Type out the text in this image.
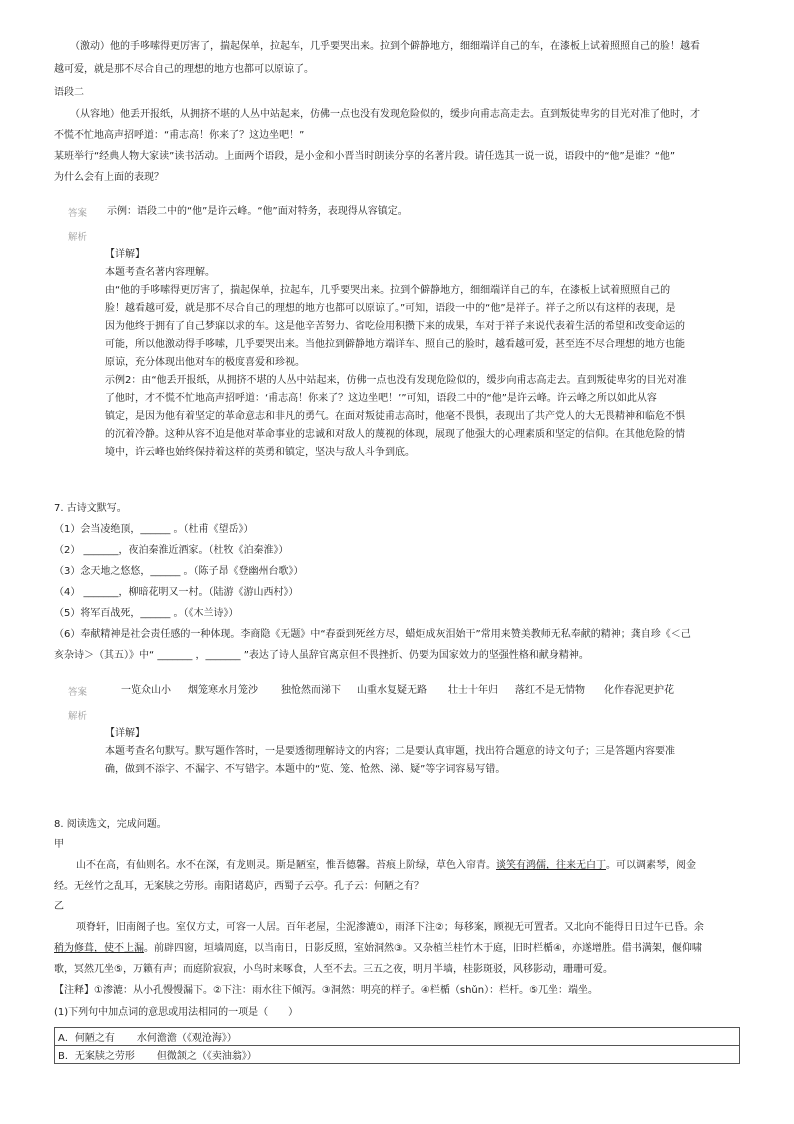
（激动）他的手哆嗦得更厉害了，揣起保单，拉起车，几乎要哭出来。拉到个僻静地方，细细端详自己的车，在漆板上试着照照自己的脸！越看
越可爱，就是那不尽合自己的理想的地方也都可以原谅了。
语段二
（从容地）他丢开报纸，从拥挤不堪的人丛中站起来，仿佛一点也没有发现危险似的，缓步向甫志高走去。直到叛徒卑劣的目光对准了他时，才
不慌不忙地高声招呼道：“甫志高！你来了？这边坐吧！”
某班举行“经典人物大家读”读书活动。上面两个语段，是小金和小晋当时朗读分享的名著片段。请任选其一说一说，语段中的“他”是谁？“他”
为什么会有上面的表现？
答案 示例：语段二中的“他”是许云峰。“他”面对特务，表现得从容镇定。
解析
【详解】
本题考查名著内容理解。
由“他的手哆嗦得更厉害了，揣起保单，拉起车，几乎要哭出来。拉到个僻静地方，细细端详自己的车，在漆板上试着照照自己的
脸！越看越可爱，就是那不尽合自己的理想的地方也都可以原谅了。”可知，语段一中的“他”是祥子。祥子之所以有这样的表现，是
因为他终于拥有了自己梦寐以求的车。这是他辛苦努力、省吃俭用积攒下来的成果，车对于祥子来说代表着生活的希望和改变命运的
可能，所以他激动得手哆嗦，几乎要哭出来。当他拉到僻静地方端详车、照自己的脸时，越看越可爱，甚至连不尽合理想的地方也能
原谅，充分体现出他对车的极度喜爱和珍视。
示例2：由“他丢开报纸，从拥挤不堪的人丛中站起来，仿佛一点也没有发现危险似的，缓步向甫志高走去。直到叛徒卑劣的目光对准
了他时，才不慌不忙地高声招呼道：‘甫志高！你来了？这边坐吧！’”可知，语段二中的“他”是许云峰。许云峰之所以如此从容
镇定，是因为他有着坚定的革命意志和非凡的勇气。在面对叛徒甫志高时，他毫不畏惧，表现出了共产党人的大无畏精神和临危不惧
的沉着冷静。这种从容不迫是他对革命事业的忠诚和对敌人的蔑视的体现，展现了他强大的心理素质和坚定的信仰。在其他危险的情
境中，许云峰也始终保持着这样的英勇和镇定，坚决与敌人斗争到底。
7. 古诗文默写。
（1）会当凌绝顶，______ 。（杜甫《望岳》）
（2） _______，夜泊秦淮近酒家。（杜牧《泊秦淮》）
（3）念天地之悠悠，______ 。（陈子昂《登幽州台歌》）
（4） _______，柳暗花明又一村。（陆游《游山西村》）
（5）将军百战死，______ 。（《木兰诗》）
（6）奉献精神是社会责任感的一种体现。李商隐《无题》中“春蚕到死丝方尽，蜡炬成灰泪始干”常用来赞美教师无私奉献的精神；龚自珍《＜己
亥杂诗＞（其五）》中“ _______ ，_______ ”表达了诗人虽辞官离京但不畏挫折、仍要为国家效力的坚强性格和献身精神。
答案	一览众山小 烟笼寒水月笼沙 独怆然而涕下 山重水复疑无路 壮士十年归 落红不是无情物 化作春泥更护花
解析
【详解】
本题考查名句默写。默写题作答时，一是要透彻理解诗文的内容；二是要认真审题，找出符合题意的诗文句子；三是答题内容要准
确，做到不添字、不漏字、不写错字。本题中的“览、笼、怆然、涕、疑”等字词容易写错。
8. 阅读选文，完成问题。
甲
山不在高，有仙则名。水不在深，有龙则灵。斯是陋室，惟吾德馨。苔痕上阶绿，草色入帘青。谈笑有鸿儒，往来无白丁。可以调素琴，阅金
经。无丝竹之乱耳，无案牍之劳形。南阳诸葛庐，西蜀子云亭。孔子云：何陋之有？
乙
项脊轩，旧南阁子也。室仅方丈，可容一人居。百年老屋，尘泥渗漉①，雨泽下注②；每移案，顾视无可置者。又北向不能得日日过午已昏。余
稍为修葺，使不上漏。前辟四窗，垣墙周庭，以当南日，日影反照，室始洞然③。又杂植兰桂竹木于庭，旧时栏楯④，亦遂增胜。借书满架，偃仰啸
歌，冥然兀坐⑤，万籁有声；而庭阶寂寂，小鸟时来啄食，人至不去。三五之夜，明月半墙，桂影斑驳，风移影动，珊珊可爱。
【注释】①渗漉：从小孔慢慢漏下。②下注：雨水往下倾泻。③洞然：明亮的样子。④栏楯（shǔn）：栏杆。⑤兀坐：端坐。
(1)下列句中加点词的意思或用法相同的一项是（　　）
A．何陋之有 水何澹澹（《观沧海》）
B．无案牍之劳形 但微颔之（《卖油翁》）
